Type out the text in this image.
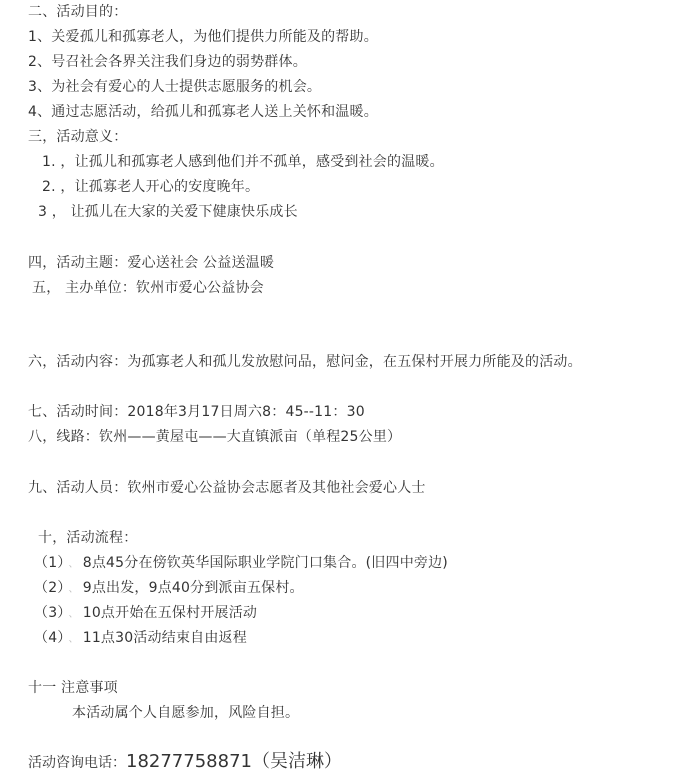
二、活动目的：
1、关爱孤儿和孤寡老人，为他们提供力所能及的帮助。
2、号召社会各界关注我们身边的弱势群体。
3、为社会有爱心的人士提供志愿服务的机会。
4、通过志愿活动，给孤儿和孤寡老人送上关怀和温暖。
三，活动意义：
1. ，让孤儿和孤寡老人感到他们并不孤单，感受到社会的温暖。
2. ，让孤寡老人开心的安度晚年。
3 ， 让孤儿在大家的关爱下健康快乐成长
四，活动主题：爱心送社会 公益送温暖
五， 主办单位：钦州市爱心公益协会
六，活动内容：为孤寡老人和孤儿发放慰问品，慰问金，在五保村开展力所能及的活动。
七、活动时间：2018年3月17日周六8：45--11：30
八，线路：钦州——黄屋屯——大直镇派亩（单程25公里）
九、活动人员：钦州市爱心公益协会志愿者及其他社会爱心人士
十，活动流程：
（1） 、 8点45分在傍钦英华国际职业学院门口集合。(旧四中旁边)
（2） 、 9点出发，9点40分到派亩五保村。
（3） 、 10点开始在五保村开展活动
（4） 、 11点30活动结束自由返程
十一 注意事项
本活动属个人自愿参加，风险自担。
活动咨询电话：18277758871（吴洁琳）
